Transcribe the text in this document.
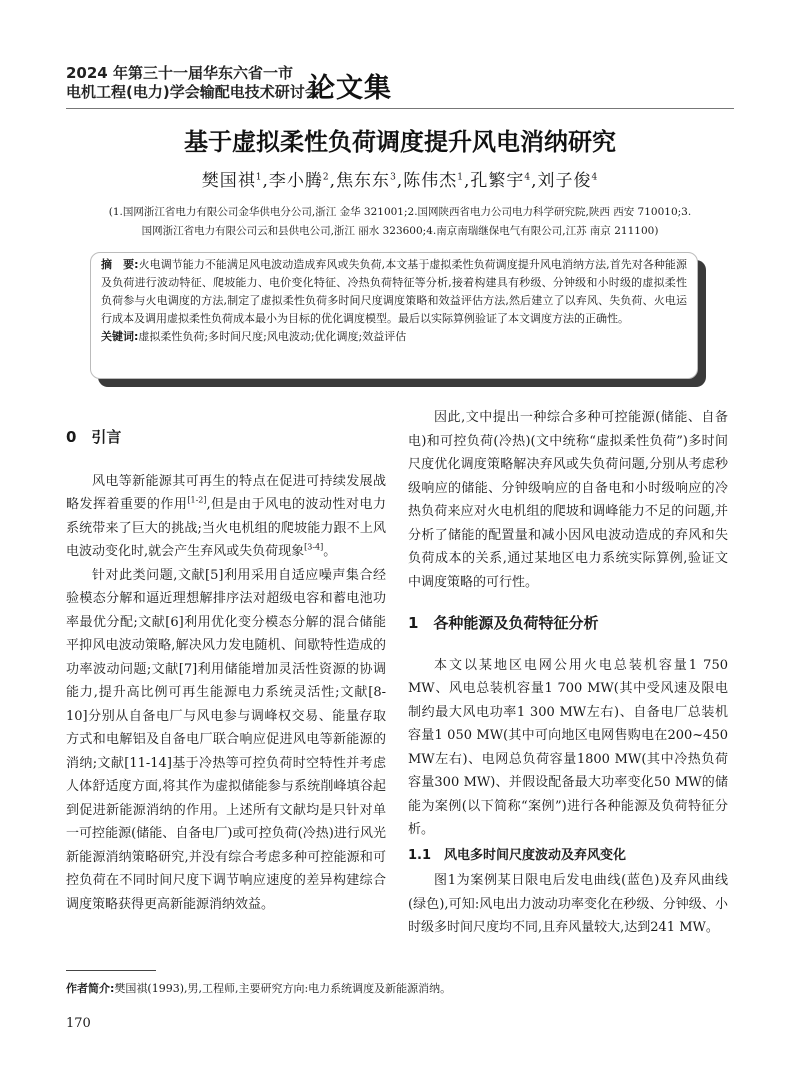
2024 年第三十一届华东六省一市
电机工程(电力)学会输配电技术研讨会
论文集
基于虚拟柔性负荷调度提升风电消纳研究
樊国祺$^1$,李小腾$^2$,焦东东$^3$,陈伟杰$^1$,孔繁宇$^4$,刘子俊$^4$
(1.国网浙江省电力有限公司金华供电分公司,浙江 金华 321001;2.国网陕西省电力公司电力科学研究院,陕西 西安 710010;3.
国网浙江省电力有限公司云和县供电公司,浙江 丽水 323600;4.南京南瑞继保电气有限公司,江苏 南京 211100)

摘　要:火电调节能力不能满足风电波动造成弃风或失负荷,本文基于虚拟柔性负荷调度提升风电消纳方法,首先对各种能源及负荷进行波动特征、爬坡能力、电价变化特征、冷热负荷特征等分析,接着构建具有秒级、分钟级和小时级的虚拟柔性负荷参与火电调度的方法,制定了虚拟柔性负荷多时间尺度调度策略和效益评估方法,然后建立了以弃风、失负荷、火电运行成本及调用虚拟柔性负荷成本最小为目标的优化调度模型。最后以实际算例验证了本文调度方法的正确性。

关键词:虚拟柔性负荷;多时间尺度;风电波动;优化调度;效益评估

0　引言

风电等新能源其可再生的特点在促进可持续发展战略发挥着重要的作用[1-2],但是由于风电的波动性对电力系统带来了巨大的挑战;当火电机组的爬坡能力跟不上风电波动变化时,就会产生弃风或失负荷现象[3-4]。

针对此类问题,文献[5]利用采用自适应噪声集合经验模态分解和逼近理想解排序法对超级电容和蓄电池功率最优分配;文献[6]利用优化变分模态分解的混合储能平抑风电波动策略,解决风力发电随机、间歇特性造成的功率波动问题;文献[7]利用储能增加灵活性资源的协调能力,提升高比例可再生能源电力系统灵活性;文献[8-10]分别从自备电厂与风电参与调峰权交易、能量存取方式和电解铝及自备电厂联合响应促进风电等新能源的消纳;文献[11-14]基于冷热等可控负荷时空特性并考虑人体舒适度方面,将其作为虚拟储能参与系统削峰填谷起到促进新能源消纳的作用。上述所有文献均是只针对单一可控能源(储能、自备电厂)或可控负荷(冷热)进行风光新能源消纳策略研究,并没有综合考虑多种可控能源和可控负荷在不同时间尺度下调节响应速度的差异构建综合调度策略获得更高新能源消纳效益。

因此,文中提出一种综合多种可控能源(储能、自备电)和可控负荷(冷热)(文中统称“虚拟柔性负荷”)多时间尺度优化调度策略解决弃风或失负荷问题,分别从考虑秒级响应的储能、分钟级响应的自备电和小时级响应的冷热负荷来应对火电机组的爬坡和调峰能力不足的问题,并分析了储能的配置量和减小因风电波动造成的弃风和失负荷成本的关系,通过某地区电力系统实际算例,验证文中调度策略的可行性。

1　各种能源及负荷特征分析

本文以某地区电网公用火电总装机容量1 750 MW、风电总装机容量1 700 MW(其中受风速及限电制约最大风电功率1 300 MW左右)、自备电厂总装机容量1 050 MW(其中可向地区电网售购电在200~450 MW左右)、电网总负荷容量1800 MW(其中冷热负荷容量300 MW)、并假设配备最大功率变化50 MW的储能为案例(以下简称“案例”)进行各种能源及负荷特征分析。

1.1　风电多时间尺度波动及弃风变化

图1为案例某日限电后发电曲线(蓝色)及弃风曲线(绿色),可知:风电出力波动功率变化在秒级、分钟级、小时级多时间尺度均不同,且弃风量较大,达到241 MW。

作者简介:樊国祺(1993),男,工程师,主要研究方向:电力系统调度及新能源消纳。
170
